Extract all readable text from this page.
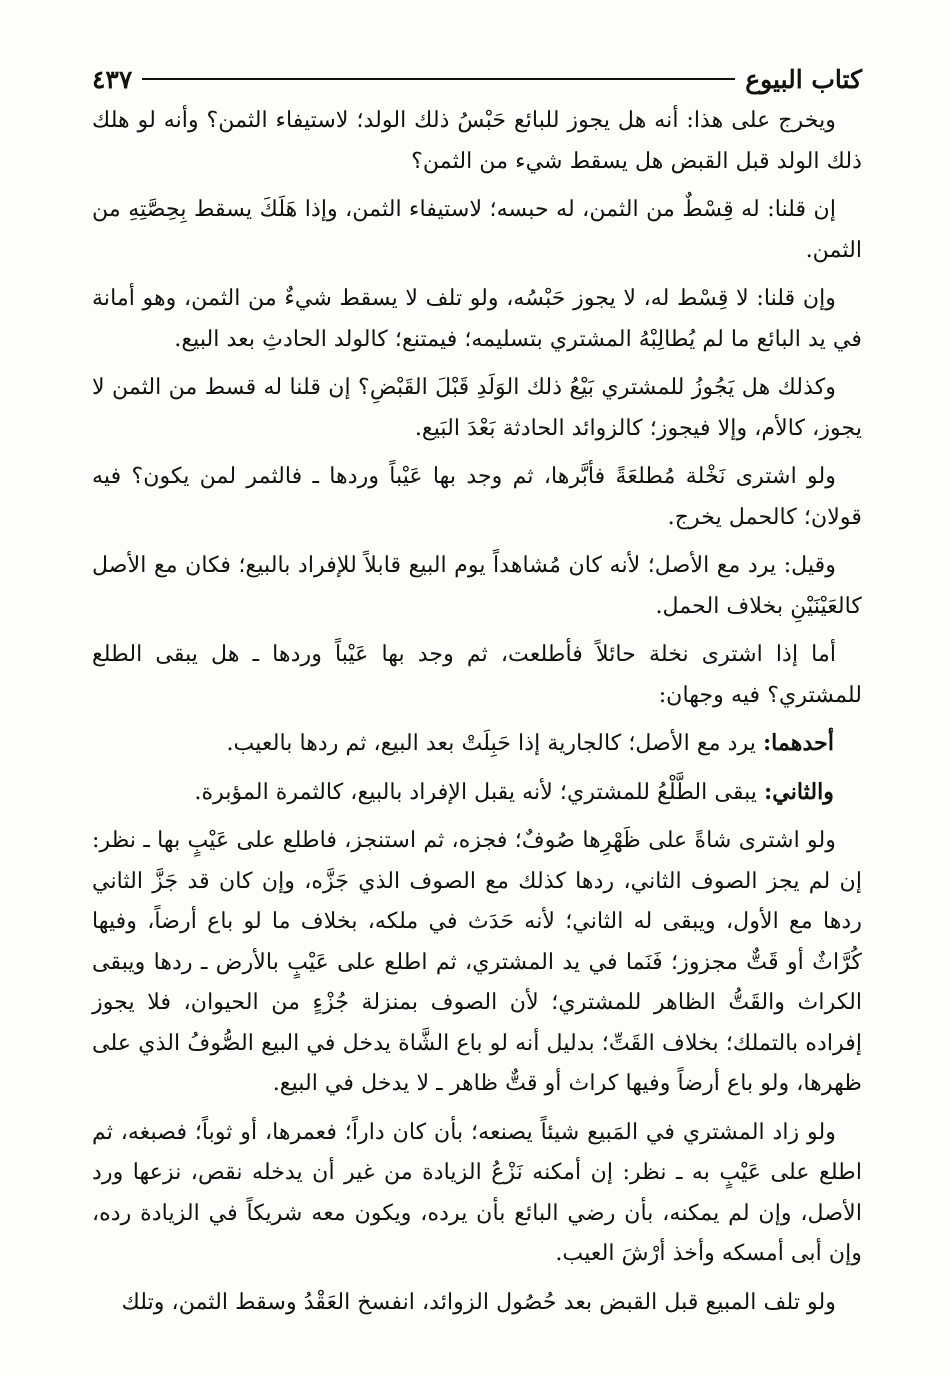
كتاب البيوع
٤٣٧

ويخرج على هذا: أنه هل يجوز للبائع حَبْسُ ذلك الولد؛ لاستيفاء الثمن؟ وأنه لو هلك ذلك الولد قبل القبض هل يسقط شيء من الثمن؟

إن قلنا: له قِسْطٌ من الثمن، له حبسه؛ لاستيفاء الثمن، وإذا هَلَكَ يسقط بِحِصَّتِهِ من الثمن.

وإن قلنا: لا قِسْط له، لا يجوز حَبْسُه، ولو تلف لا يسقط شيءٌ من الثمن، وهو أمانة في يد البائع ما لم يُطالِبْهُ المشتري بتسليمه؛ فيمتنع؛ كالولد الحادثِ بعد البيع.

وكذلك هل يَجُوزُ للمشتري بَيْعُ ذلك الوَلَدِ قَبْلَ القَبْضِ؟ إن قلنا له قسط من الثمن لا يجوز، كالأم، وإلا فيجوز؛ كالزوائد الحادثة بَعْدَ البَيع.

ولو اشترى نَخْلة مُطلعَةً فأبَّرها، ثم وجد بها عَيْباً وردها ـ فالثمر لمن يكون؟ فيه قولان؛ كالحمل يخرج.

وقيل: يرد مع الأصل؛ لأنه كان مُشاهداً يوم البيع قابلاً للإفراد بالبيع؛ فكان مع الأصل كالعَيْنَيْنِ بخلاف الحمل.

أما إذا اشترى نخلة حائلاً فأطلعت، ثم وجد بها عَيْباً وردها ـ هل يبقى الطلع للمشتري؟ فيه وجهان:

أحدهما: يرد مع الأصل؛ كالجارية إذا حَبِلَتْ بعد البيع، ثم ردها بالعيب.

والثاني: يبقى الطَّلْعُ للمشتري؛ لأنه يقبل الإفراد بالبيع، كالثمرة المؤبرة.

ولو اشترى شاةً على ظَهْرِها صُوفٌ؛ فجزه، ثم استنجز، فاطلع على عَيْبٍ بها ـ نظر: إن لم يجز الصوف الثاني، ردها كذلك مع الصوف الذي جَزَّه، وإن كان قد جَزَّ الثاني ردها مع الأول، ويبقى له الثاني؛ لأنه حَدَث في ملكه، بخلاف ما لو باع أرضاً، وفيها كُرَّاثٌ أو قَتٌّ مجزوز؛ فَنَما في يد المشتري، ثم اطلع على عَيْبٍ بالأرض ـ ردها ويبقى الكراث والقَتُّ الظاهر للمشتري؛ لأن الصوف بمنزلة جُزْءٍ من الحيوان، فلا يجوز إفراده بالتملك؛ بخلاف القَتِّ؛ بدليل أنه لو باع الشَّاة يدخل في البيع الصُّوفُ الذي على ظهرها، ولو باع أرضاً وفيها كراث أو قتٌّ ظاهر ـ لا يدخل في البيع.

ولو زاد المشتري في المَبيع شيئاً يصنعه؛ بأن كان داراً؛ فعمرها، أو ثوباً؛ فصبغه، ثم اطلع على عَيْبٍ به ـ نظر: إن أمكنه نَزْعُ الزيادة من غير أن يدخله نقص، نزعها ورد الأصل، وإن لم يمكنه، بأن رضي البائع بأن يرده، ويكون معه شريكاً في الزيادة رده، وإن أبى أمسكه وأخذ أرْشَ العيب.

ولو تلف المبيع قبل القبض بعد حُصُول الزوائد، انفسخ العَقْدُ وسقط الثمن، وتلك
